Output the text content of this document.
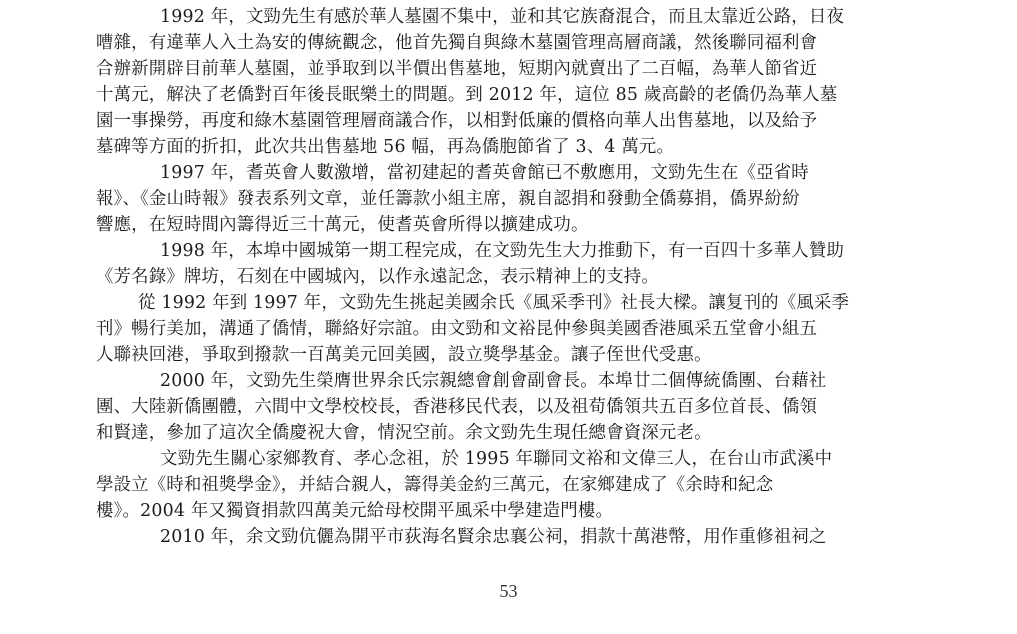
1992 年，文勁先生有感於華人墓園不集中，並和其它族裔混合，而且太靠近公路，日夜
嘈雜，有違華人入土為安的傳統觀念，他首先獨自與綠木墓園管理高層商議，然後聯同福利會
合辦新開辟目前華人墓園，並爭取到以半價出售墓地，短期內就賣出了二百幅，為華人節省近
十萬元，解決了老僑對百年後長眠樂土的問題。到 2012 年，這位 85 歲高齡的老僑仍為華人墓
園一事操勞，再度和綠木墓園管理層商議合作，以相對低廉的價格向華人出售墓地，以及給予
墓碑等方面的折扣，此次共出售墓地 56 幅，再為僑胞節省了 3、4 萬元。
1997 年，耆英會人數激增，當初建起的耆英會館已不敷應用，文勁先生在《亞省時
報》、《金山時報》發表系列文章，並任籌款小組主席，親自認捐和發動全僑募捐，僑界紛紛
響應，在短時間內籌得近三十萬元，使耆英會所得以擴建成功。
1998 年，本埠中國城第一期工程完成，在文勁先生大力推動下，有一百四十多華人贊助
《芳名錄》牌坊，石刻在中國城內，以作永遠記念，表示精神上的支持。
從 1992 年到 1997 年，文勁先生挑起美國余氏《風采季刊》社長大樑。讓复刊的《風采季
刊》暢行美加，溝通了僑情，聯絡好宗誼。由文勁和文裕昆仲參與美國香港風采五堂會小組五
人聯袂回港，爭取到撥款一百萬美元回美國，設立獎學基金。讓子侄世代受惠。
2000 年，文勁先生榮膺世界余氏宗親總會創會副會長。本埠廿二個傳統僑團、台藉社
團、大陸新僑團體，六間中文學校校長，香港移民代表，以及祖荀僑領共五百多位首長、僑領
和賢達，參加了這次全僑慶祝大會，情況空前。余文勁先生現任總會資深元老。
文勁先生關心家鄉教育、孝心念祖，於 1995 年聯同文裕和文偉三人，在台山市武溪中
學設立《時和祖獎學金》，并結合親人，籌得美金約三萬元，在家鄉建成了《余時和紀念
樓》。2004 年又獨資捐款四萬美元給母校開平風采中學建造門樓。
2010 年，余文勁伉儷為開平市荻海名賢余忠襄公祠，捐款十萬港幣，用作重修祖祠之
53
